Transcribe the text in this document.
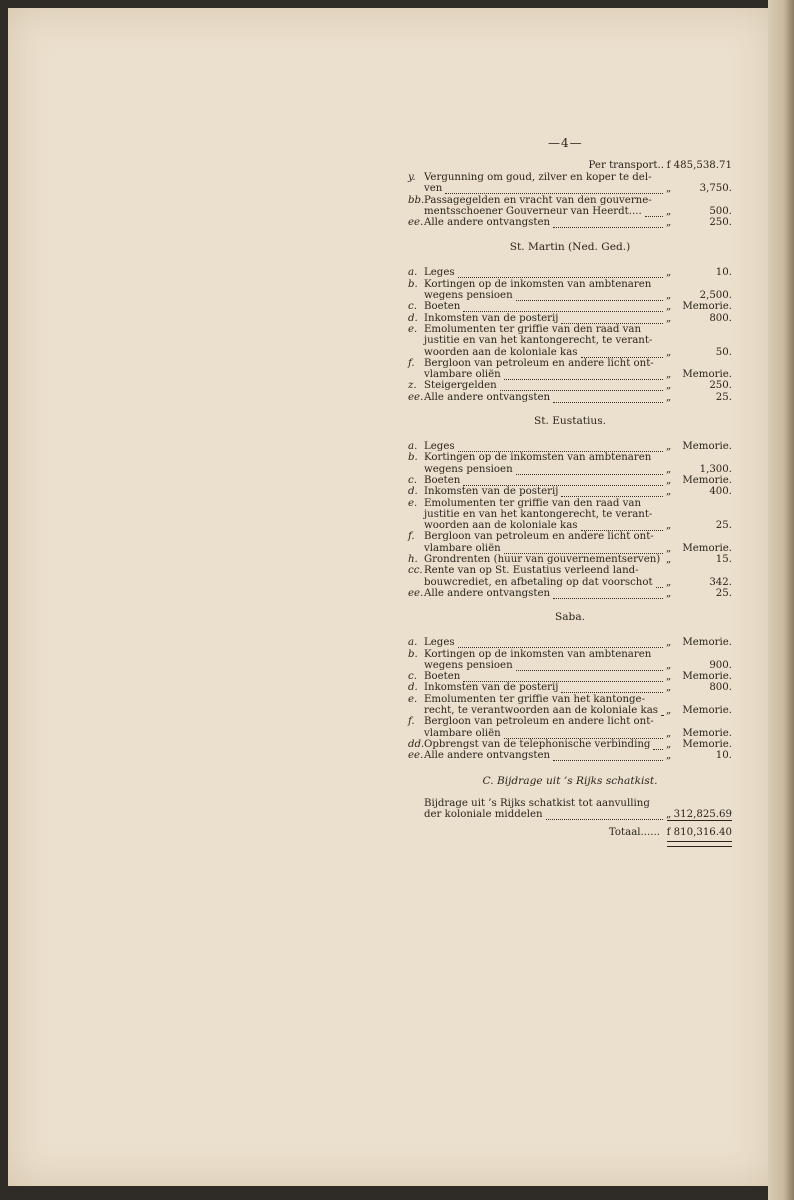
—4—
Per transport.. f 485,538.71
y. Vergunning om goud, zilver en koper te del-
ven	„	3,750.
bb. Passagegelden en vracht van den gouverne-
mentsschoener Gouverneur van Heerdt.... „	500.
ee. Alle andere ontvangsten	„	250.
St. Martin (Ned. Ged.)
a. Leges	„	10.
b. Kortingen op de inkomsten van ambtenaren
wegens pensioen	„	2,500.
c. Boeten	„ Memorie.
d. Inkomsten van de posterij	„	800.
e. Emolumenten ter griffie van den raad van
justitie en van het kantongerecht, te verant-
woorden aan de koloniale kas	„	50.
f. Bergloon van petroleum en andere licht ont-
vlambare oliën	„ Memorie.
z. Steigergelden	„	250.
ee. Alle andere ontvangsten	„	25.
St. Eustatius.
a. Leges	„ Memorie.
b. Kortingen op de inkomsten van ambtenaren
wegens pensioen	„	1,300.
c. Boeten	„ Memorie.
d. Inkomsten van de posterij	„	400.
e. Emolumenten ter griffie van den raad van
justitie en van het kantongerecht, te verant-
woorden aan de koloniale kas	„	25.
f. Bergloon van petroleum en andere licht ont-
vlambare oliën	„ Memorie.
h. Grondrenten (huur van gouvernementserven) „	15.
cc. Rente van op St. Eustatius verleend land-
bouwcrediet, en afbetaling op dat voorschot „	342.
ee. Alle andere ontvangsten	„	25.
Saba.
a. Leges	„ Memorie.
b. Kortingen op de inkomsten van ambtenaren
wegens pensioen	„	900.
c. Boeten	„ Memorie.
d. Inkomsten van de posterij	„	800.
e. Emolumenten ter griffie van het kantonge-
recht, te verantwoorden aan de koloniale kas „ Memorie.
f. Bergloon van petroleum en andere licht ont-
vlambare oliën	„ Memorie.
dd. Opbrengst van de telephonische verbinding „ Memorie.
ee. Alle andere ontvangsten	„	10.
C. Bijdrage uit ’s Rijks schatkist.
Bijdrage uit ’s Rijks schatkist tot aanvulling
der koloniale middelen	„ 312,825.69
Totaal...... f 810,316.40
